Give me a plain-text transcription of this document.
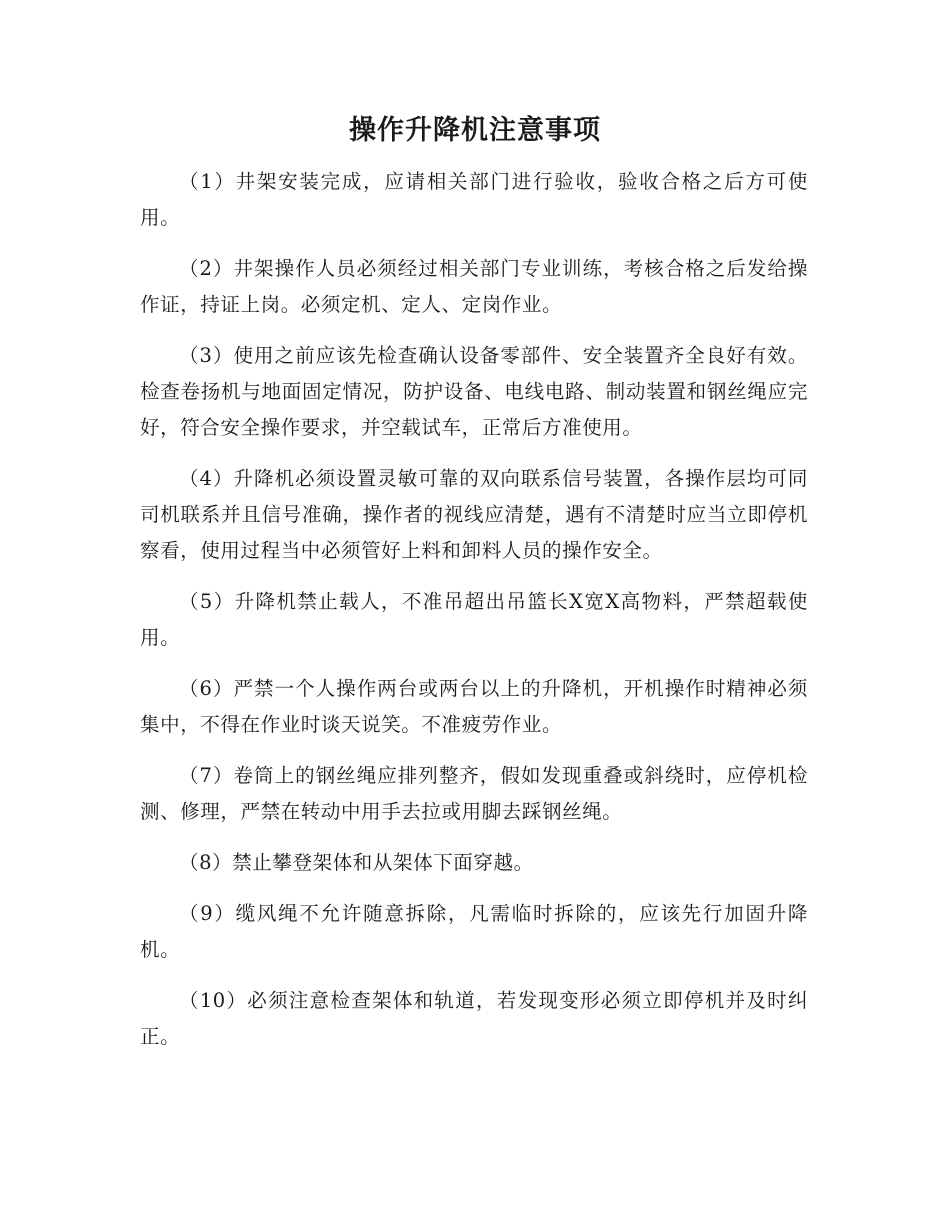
操作升降机注意事项

（1）井架安装完成，应请相关部门进行验收，验收合格之后方可使用。

（2）井架操作人员必须经过相关部门专业训练，考核合格之后发给操作证，持证上岗。必须定机、定人、定岗作业。

（3）使用之前应该先检查确认设备零部件、安全装置齐全良好有效。检查卷扬机与地面固定情况，防护设备、电线电路、制动装置和钢丝绳应完好，符合安全操作要求，并空载试车，正常后方准使用。

（4）升降机必须设置灵敏可靠的双向联系信号装置，各操作层均可同司机联系并且信号准确，操作者的视线应清楚，遇有不清楚时应当立即停机察看，使用过程当中必须管好上料和卸料人员的操作安全。

（5）升降机禁止载人，不准吊超出吊篮长X宽X高物料，严禁超载使用。

（6）严禁一个人操作两台或两台以上的升降机，开机操作时精神必须集中，不得在作业时谈天说笑。不准疲劳作业。

（7）卷筒上的钢丝绳应排列整齐，假如发现重叠或斜绕时，应停机检测、修理，严禁在转动中用手去拉或用脚去踩钢丝绳。

（8）禁止攀登架体和从架体下面穿越。

（9）缆风绳不允许随意拆除，凡需临时拆除的，应该先行加固升降机。

（10）必须注意检查架体和轨道，若发现变形必须立即停机并及时纠正。
